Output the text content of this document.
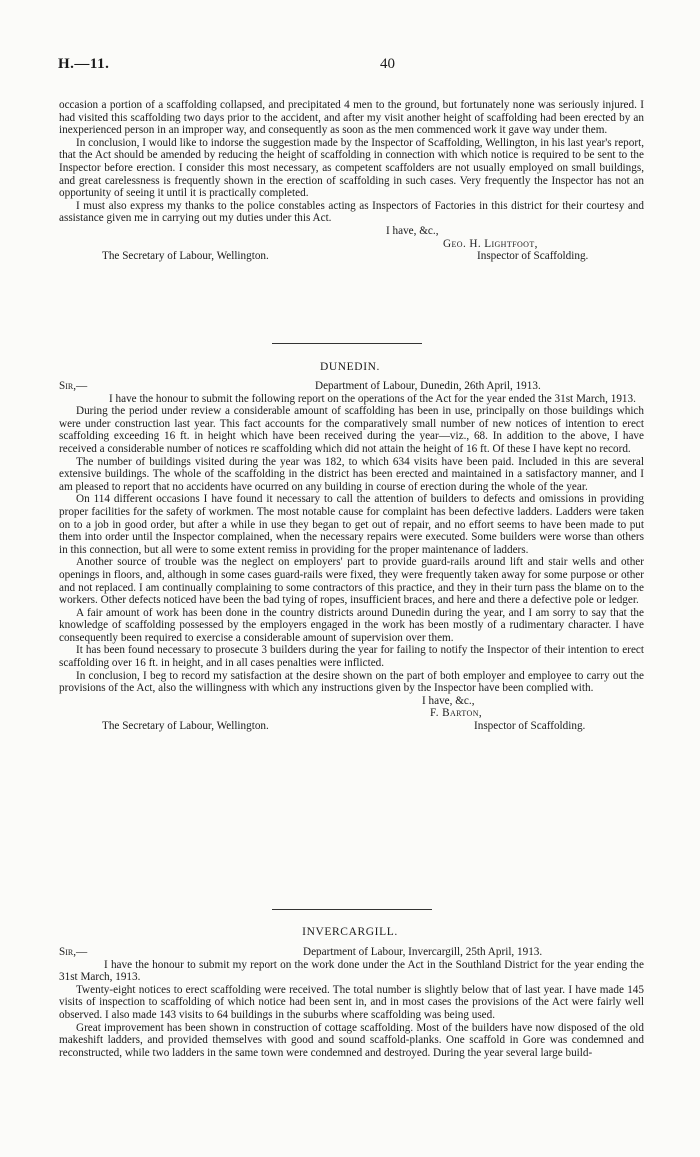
H.—11.	40

occasion a portion of a scaffolding collapsed, and precipitated 4 men to the ground, but fortunately none was seriously injured. I had visited this scaffolding two days prior to the accident, and after my visit another height of scaffolding had been erected by an inexperienced person in an improper way, and consequently as soon as the men commenced work it gave way under them.

In conclusion, I would like to indorse the suggestion made by the Inspector of Scaffolding, Wellington, in his last year's report, that the Act should be amended by reducing the height of scaffolding in connection with which notice is required to be sent to the Inspector before erection. I consider this most necessary, as competent scaffolders are not usually employed on small buildings, and great carelessness is frequently shown in the erection of scaffolding in such cases. Very frequently the Inspector has not an opportunity of seeing it until it is practically completed.

I must also express my thanks to the police constables acting as Inspectors of Factories in this district for their courtesy and assistance given me in carrying out my duties under this Act.

I have, &c.,
Geo. H. Lightfoot,
The Secretary of Labour, Wellington.	Inspector of Scaffolding.
DUNEDIN.
Sir,—	Department of Labour, Dunedin, 26th April, 1913.

I have the honour to submit the following report on the operations of the Act for the year ended the 31st March, 1913.

During the period under review a considerable amount of scaffolding has been in use, principally on those buildings which were under construction last year. This fact accounts for the comparatively small number of new notices of intention to erect scaffolding exceeding 16 ft. in height which have been received during the year—viz., 68. In addition to the above, I have received a considerable number of notices re scaffolding which did not attain the height of 16 ft. Of these I have kept no record.

The number of buildings visited during the year was 182, to which 634 visits have been paid. Included in this are several extensive buildings. The whole of the scaffolding in the district has been erected and maintained in a satisfactory manner, and I am pleased to report that no accidents have ocurred on any building in course of erection during the whole of the year.

On 114 different occasions I have found it necessary to call the attention of builders to defects and omissions in providing proper facilities for the safety of workmen. The most notable cause for complaint has been defective ladders. Ladders were taken on to a job in good order, but after a while in use they began to get out of repair, and no effort seems to have been made to put them into order until the Inspector complained, when the necessary repairs were executed. Some builders were worse than others in this connection, but all were to some extent remiss in providing for the proper maintenance of ladders.

Another source of trouble was the neglect on employers' part to provide guard-rails around lift and stair wells and other openings in floors, and, although in some cases guard-rails were fixed, they were frequently taken away for some purpose or other and not replaced. I am continually complaining to some contractors of this practice, and they in their turn pass the blame on to the workers. Other defects noticed have been the bad tying of ropes, insufficient braces, and here and there a defective pole or ledger.

A fair amount of work has been done in the country districts around Dunedin during the year, and I am sorry to say that the knowledge of scaffolding possessed by the employers engaged in the work has been mostly of a rudimentary character. I have consequently been required to exercise a considerable amount of supervision over them.

It has been found necessary to prosecute 3 builders during the year for failing to notify the Inspector of their intention to erect scaffolding over 16 ft. in height, and in all cases penalties were inflicted.

In conclusion, I beg to record my satisfaction at the desire shown on the part of both employer and employee to carry out the provisions of the Act, also the willingness with which any instructions given by the Inspector have been complied with.

I have, &c.,
F. Barton,
The Secretary of Labour, Wellington.	Inspector of Scaffolding.
INVERCARGILL.
Sir,—	Department of Labour, Invercargill, 25th April, 1913.

I have the honour to submit my report on the work done under the Act in the Southland District for the year ending the 31st March, 1913.

Twenty-eight notices to erect scaffolding were received. The total number is slightly below that of last year. I have made 145 visits of inspection to scaffolding of which notice had been sent in, and in most cases the provisions of the Act were fairly well observed. I also made 143 visits to 64 buildings in the suburbs where scaffolding was being used.

Great improvement has been shown in construction of cottage scaffolding. Most of the builders have now disposed of the old makeshift ladders, and provided themselves with good and sound scaffold-planks. One scaffold in Gore was condemned and reconstructed, while two ladders in the same town were condemned and destroyed. During the year several large build-
